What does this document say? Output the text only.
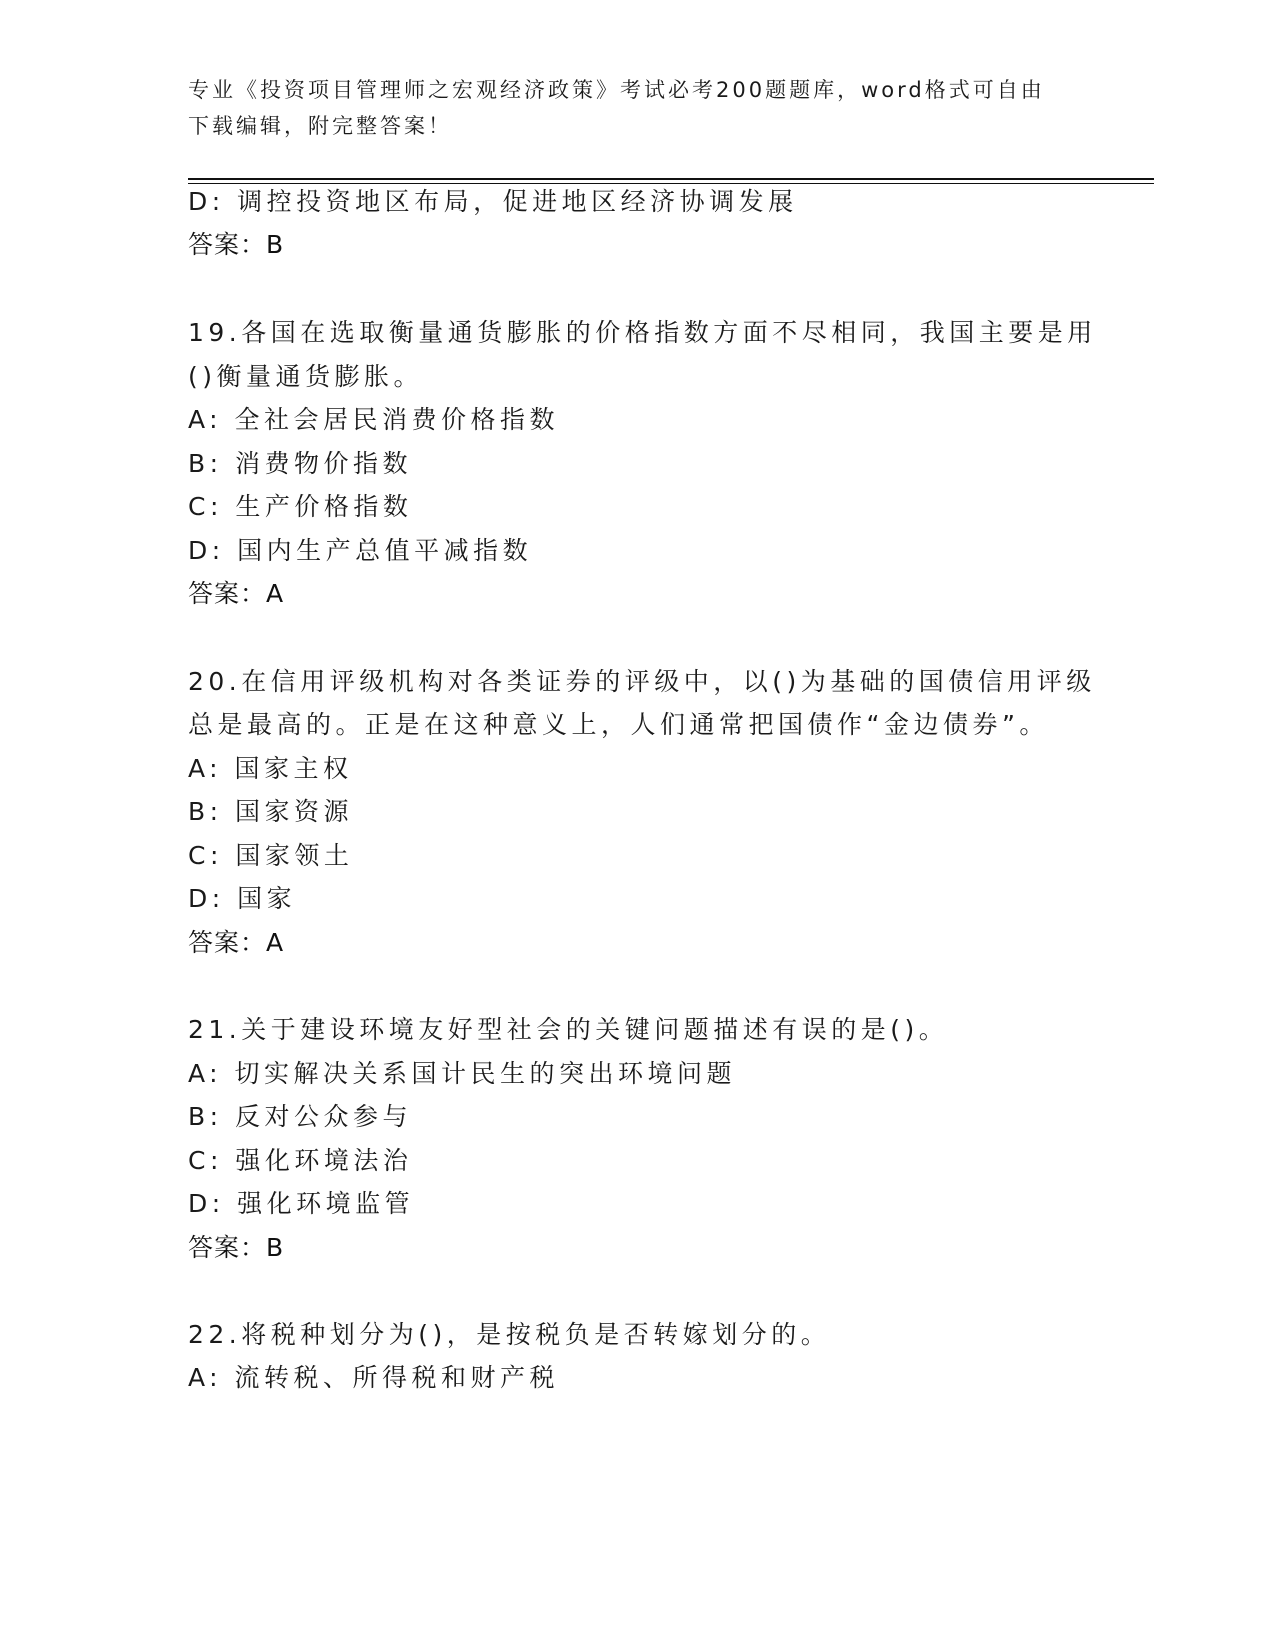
专业《投资项目管理师之宏观经济政策》考试必考200题题库，word格式可自由
下载编辑，附完整答案！
D: 调控投资地区布局，促进地区经济协调发展
答案：B
19.各国在选取衡量通货膨胀的价格指数方面不尽相同，我国主要是用
()衡量通货膨胀。
A: 全社会居民消费价格指数
B: 消费物价指数
C: 生产价格指数
D: 国内生产总值平减指数
答案：A
20.在信用评级机构对各类证券的评级中，以()为基础的国债信用评级
总是最高的。正是在这种意义上，人们通常把国债作“金边债券”。
A: 国家主权
B: 国家资源
C: 国家领土
D: 国家
答案：A
21.关于建设环境友好型社会的关键问题描述有误的是()。
A: 切实解决关系国计民生的突出环境问题
B: 反对公众参与
C: 强化环境法治
D: 强化环境监管
答案：B
22.将税种划分为()，是按税负是否转嫁划分的。
A: 流转税、所得税和财产税
